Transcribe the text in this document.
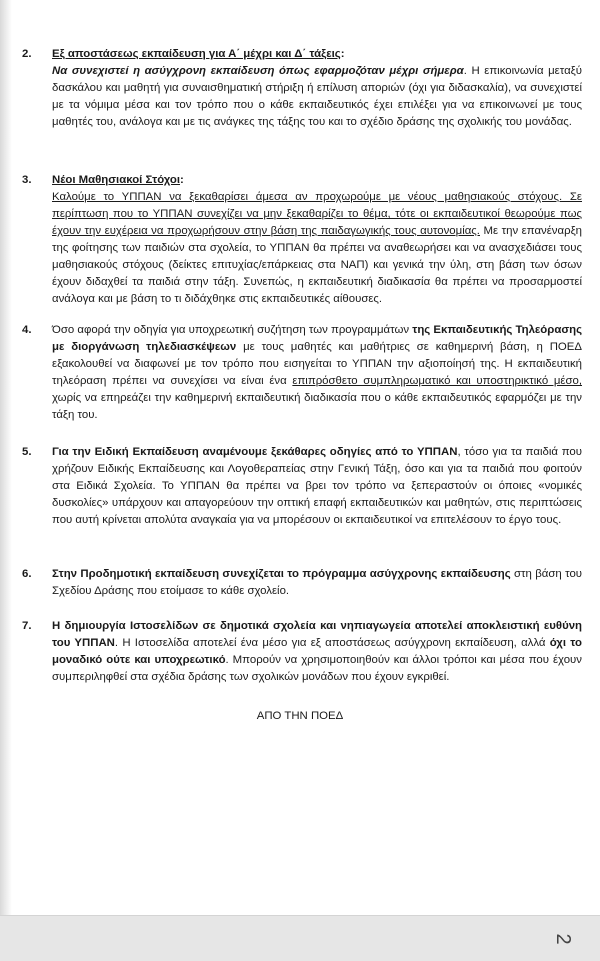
2.	Εξ αποστάσεως εκπαίδευση για Α΄ μέχρι και Δ΄ τάξεις:

Να συνεχιστεί η ασύγχρονη εκπαίδευση όπως εφαρμοζόταν μέχρι σήμερα. Η επικοινωνία μεταξύ δασκάλου και μαθητή για συναισθηματική στήριξη ή επίλυση αποριών (όχι για διδασκαλία), να συνεχιστεί με τα νόμιμα μέσα και τον τρόπο που ο κάθε εκπαιδευτικός έχει επιλέξει για να επικοινωνεί με τους μαθητές του, ανάλογα και με τις ανάγκες της τάξης του και το σχέδιο δράσης της σχολικής του μονάδας.

3.	Νέοι Μαθησιακοί Στόχοι:

Καλούμε το ΥΠΠΑΝ να ξεκαθαρίσει άμεσα αν προχωρούμε με νέους μαθησιακούς στόχους. Σε περίπτωση που το ΥΠΠΑΝ συνεχίζει να μην ξεκαθαρίζει το θέμα, τότε οι εκπαιδευτικοί θεωρούμε πως έχουν την ευχέρεια να προχωρήσουν στην βάση της παιδαγωγικής τους αυτονομίας. Με την επανέναρξη της φοίτησης των παιδιών στα σχολεία, το ΥΠΠΑΝ θα πρέπει να αναθεωρήσει και να ανασχεδιάσει τους μαθησιακούς στόχους (δείκτες επιτυχίας/επάρκειας στα ΝΑΠ) και γενικά την ύλη, στη βάση των όσων έχουν διδαχθεί τα παιδιά στην τάξη. Συνεπώς, η εκπαιδευτική διαδικασία θα πρέπει να προσαρμοστεί ανάλογα και με βάση το τι διδάχθηκε στις εκπαιδευτικές αίθουσες.

4.	Όσο αφορά την οδηγία για υποχρεωτική συζήτηση των προγραμμάτων της Εκπαιδευτικής Τηλεόρασης με διοργάνωση τηλεδιασκέψεων με τους μαθητές και μαθήτριες σε καθημερινή βάση, η ΠΟΕΔ εξακολουθεί να διαφωνεί με τον τρόπο που εισηγείται το ΥΠΠΑΝ την αξιοποίησή της. Η εκπαιδευτική τηλεόραση πρέπει να συνεχίσει να είναι ένα επιπρόσθετο συμπληρωματικό και υποστηρικτικό μέσο, χωρίς να επηρεάζει την καθημερινή εκπαιδευτική διαδικασία που ο κάθε εκπαιδευτικός εφαρμόζει με την τάξη του.

5.	Για την Ειδική Εκπαίδευση αναμένουμε ξεκάθαρες οδηγίες από το ΥΠΠΑΝ, τόσο για τα παιδιά που χρήζουν Ειδικής Εκπαίδευσης και Λογοθεραπείας στην Γενική Τάξη, όσο και για τα παιδιά που φοιτούν στα Ειδικά Σχολεία. Το ΥΠΠΑΝ θα πρέπει να βρει τον τρόπο να ξεπεραστούν οι όποιες «νομικές δυσκολίες» υπάρχουν και απαγορεύουν την οπτική επαφή εκπαιδευτικών και μαθητών, στις περιπτώσεις που αυτή κρίνεται απολύτα αναγκαία για να μπορέσουν οι εκπαιδευτικοί να επιτελέσουν το έργο τους.

6.	Στην Προδημοτική εκπαίδευση συνεχίζεται το πρόγραμμα ασύγχρονης εκπαίδευσης στη βάση του Σχεδίου Δράσης που ετοίμασε το κάθε σχολείο.

7.	Η δημιουργία Ιστοσελίδων σε δημοτικά σχολεία και νηπιαγωγεία αποτελεί αποκλειστική ευθύνη του ΥΠΠΑΝ. Η Ιστοσελίδα αποτελεί ένα μέσο για εξ αποστάσεως ασύγχρονη εκπαίδευση, αλλά όχι το μοναδικό ούτε και υποχρεωτικό. Μπορούν να χρησιμοποιηθούν και άλλοι τρόποι και μέσα που έχουν συμπεριληφθεί στα σχέδια δράσης των σχολικών μονάδων που έχουν εγκριθεί.

ΑΠΟ ΤΗΝ ΠΟΕΔ
2
